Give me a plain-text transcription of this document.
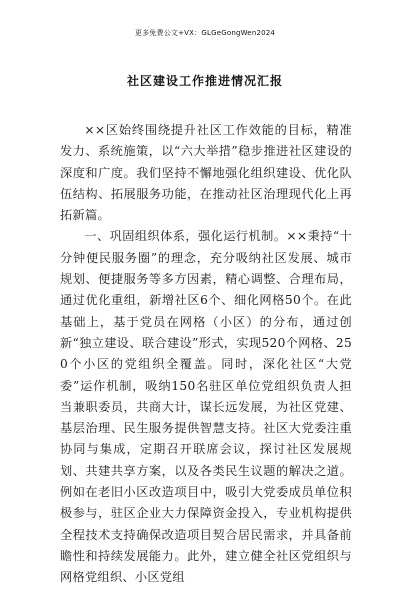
更多免费公文+VX：GLGeGongWen2024
社区建设工作推进情况汇报

××区始终围绕提升社区工作效能的目标，精准发力、系统施策，以“六大举措”稳步推进社区建设的深度和广度。我们坚持不懈地强化组织建设、优化队伍结构、拓展服务功能，在推动社区治理现代化上再拓新篇。

一、巩固组织体系，强化运行机制。××秉持“十分钟便民服务圈”的理念，充分吸纳社区发展、城市规划、便捷服务等多方因素，精心调整、合理布局，通过优化重组，新增社区6个、细化网格50个。在此基础上，基于党员在网格（小区）的分布，通过创新“独立建设、联合建设”形式，实现520个网格、250个小区的党组织全覆盖。同时，深化社区“大党委”运作机制，吸纳150名驻区单位党组织负责人担当兼职委员，共商大计，谋长远发展，为社区党建、基层治理、民生服务提供智慧支持。社区大党委注重协同与集成，定期召开联席会议，探讨社区发展规划、共建共享方案，以及各类民生议题的解决之道。例如在老旧小区改造项目中，吸引大党委成员单位积极参与，驻区企业大力保障资金投入，专业机构提供全程技术支持确保改造项目契合居民需求，并具备前瞻性和持续发展能力。此外，建立健全社区党组织与网格党组织、小区党组
